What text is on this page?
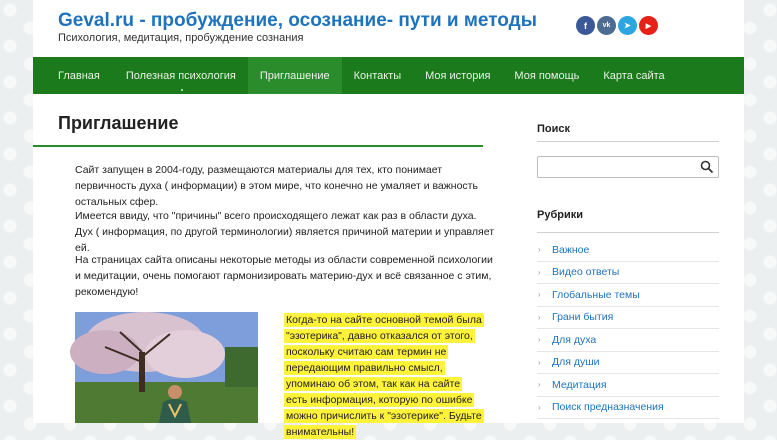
Geval.ru - пробуждение, осознание- пути и методы
Психология, медитация, пробуждение сознания
f	vk	➤	▶
Главная	Полезная психология	Приглашение	Контакты	Моя история	Моя помощь	Карта сайта
Приглашение

Сайт запущен в 2004-году, размещаются материалы для тех, кто понимает первичность духа ( информации) в этом мире, что конечно не умаляет и важность остальных сфер.

Имеется ввиду, что "причины" всего происходящего лежат как раз в области духа. Дух ( информация, по другой терминологии) является причиной материи и управляет ей.

На страницах сайта описаны некоторые методы из области современной психологии и медитации, очень помогают гармонизировать материю-дух и всё связанное с этим, рекомендую!

Когда-то на сайте основной темой была "эзотерика", давно отказался от этого, поскольку считаю сам термин не передающим правильно смысл, упоминаю об этом, так как на сайте есть информация, которую по ошибке можно причислить к "эзотерике". Будьте внимательны!
Поиск
Рубрики
› Важное
› Видео ответы
› Глобальные темы
› Грани бытия
› Для духа
› Для души
› Медитация
› Поиск предназначения
